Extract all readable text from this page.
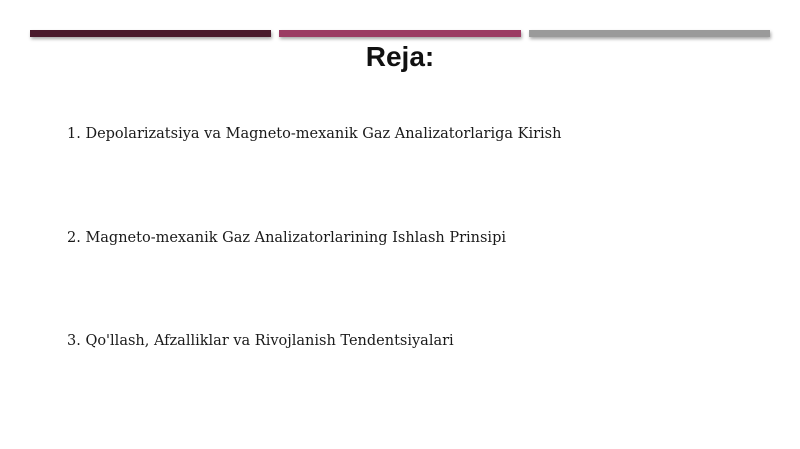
Reja:
1. Depolarizatsiya va Magneto-mexanik Gaz Analizatorlariga Kirish
2. Magneto-mexanik Gaz Analizatorlarining Ishlash Prinsipi
3. Qo'llash, Afzalliklar va Rivojlanish Tendentsiyalari
